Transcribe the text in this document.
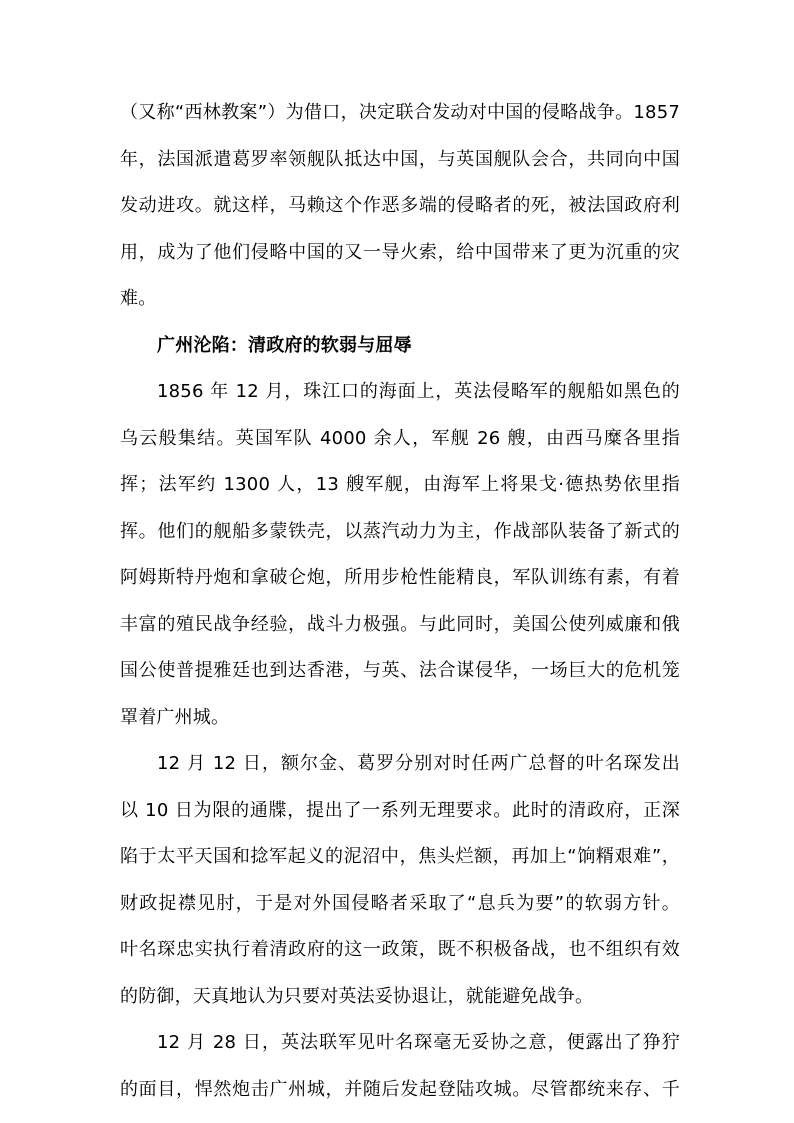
（又称“西林教案”）为借口，决定联合发动对中国的侵略战争。1857
年，法国派遣葛罗率领舰队抵达中国，与英国舰队会合，共同向中国
发动进攻。就这样，马赖这个作恶多端的侵略者的死，被法国政府利
用，成为了他们侵略中国的又一导火索，给中国带来了更为沉重的灾
难。
广州沦陷：清政府的软弱与屈辱
1856 年 12 月，珠江口的海面上，英法侵略军的舰船如黑色的
乌云般集结。英国军队 4000 余人，军舰 26 艘，由西马糜各里指
挥；法军约 1300 人，13 艘军舰，由海军上将果戈·德热势依里指
挥。他们的舰船多蒙铁壳，以蒸汽动力为主，作战部队装备了新式的
阿姆斯特丹炮和拿破仑炮，所用步枪性能精良，军队训练有素，有着
丰富的殖民战争经验，战斗力极强。与此同时，美国公使列威廉和俄
国公使普提雅廷也到达香港，与英、法合谋侵华，一场巨大的危机笼
罩着广州城。
12 月 12 日，额尔金、葛罗分别对时任两广总督的叶名琛发出
以 10 日为限的通牒，提出了一系列无理要求。此时的清政府，正深
陷于太平天国和捻军起义的泥沼中，焦头烂额，再加上“饷糈艰难”，
财政捉襟见肘，于是对外国侵略者采取了“息兵为要”的软弱方针。
叶名琛忠实执行着清政府的这一政策，既不积极备战，也不组织有效
的防御，天真地认为只要对英法妥协退让，就能避免战争。
12 月 28 日，英法联军见叶名琛毫无妥协之意，便露出了狰狞
的面目，悍然炮击广州城，并随后发起登陆攻城。尽管都统来存、千
